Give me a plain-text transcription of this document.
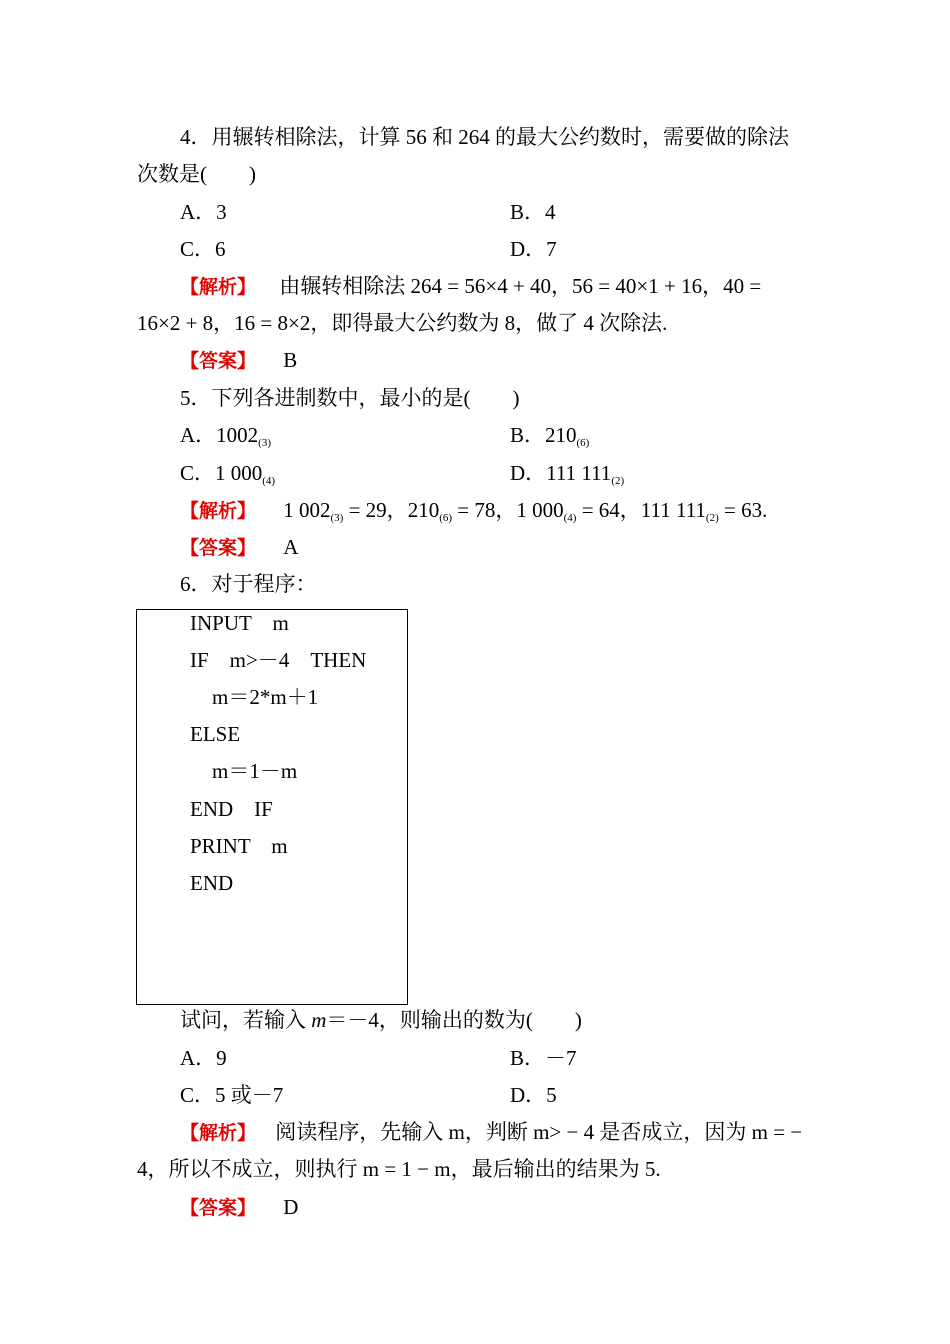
4．用辗转相除法，计算 56 和 264 的最大公约数时，需要做的除法
次数是(　　)
A．3	B．4
C．6	D．7
【解析】 由辗转相除法 264 = 56×4 + 40，56 = 40×1 + 16，40 =
16×2 + 8，16 = 8×2，即得最大公约数为 8，做了 4 次除法.
【答案】 B
5．下列各进制数中，最小的是(　　)
A．$1002_{(3)}$	B．$210_{(6)}$
C．1 $000_{(4)}$	D．111 $111_{(2)}$
【解析】 1 $002_{(3)} = 29$，$210_{(6)} = 78$，1 $000_{(4)} = 64$，111 $111_{(2)} = 63$.
【答案】 A
6．对于程序：
INPUT　m
IF　m>－4　THEN
m＝2*m＋1
ELSE
m＝1－m
END　IF
PRINT　m
END
试问，若输入 m＝－4，则输出的数为(　　)
A．9	B．－7
C．5 或－7	D．5
【解析】 阅读程序，先输入 m，判断 m> − 4 是否成立，因为 m = −
4，所以不成立，则执行 m = 1 − m，最后输出的结果为 5.
【答案】 D
